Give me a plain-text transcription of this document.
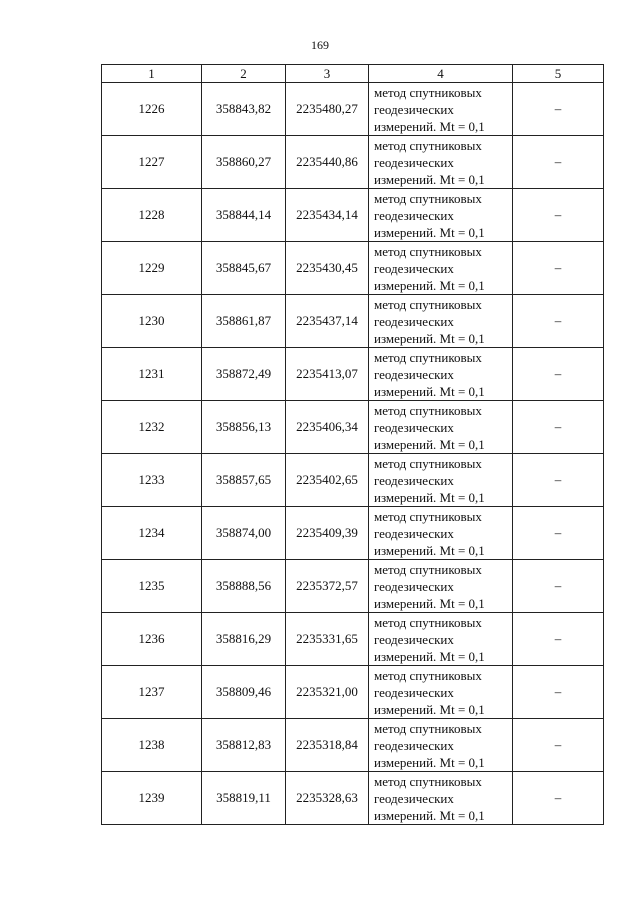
169
1	2	3	4	5
1226	358843,82	2235480,27	метод спутниковых
геодезических
измерений. Mt = 0,1	–
1227	358860,27	2235440,86	метод спутниковых
геодезических
измерений. Mt = 0,1	–
1228	358844,14	2235434,14	метод спутниковых
геодезических
измерений. Mt = 0,1	–
1229	358845,67	2235430,45	метод спутниковых
геодезических
измерений. Mt = 0,1	–
1230	358861,87	2235437,14	метод спутниковых
геодезических
измерений. Mt = 0,1	–
1231	358872,49	2235413,07	метод спутниковых
геодезических
измерений. Mt = 0,1	–
1232	358856,13	2235406,34	метод спутниковых
геодезических
измерений. Mt = 0,1	–
1233	358857,65	2235402,65	метод спутниковых
геодезических
измерений. Mt = 0,1	–
1234	358874,00	2235409,39	метод спутниковых
геодезических
измерений. Mt = 0,1	–
1235	358888,56	2235372,57	метод спутниковых
геодезических
измерений. Mt = 0,1	–
1236	358816,29	2235331,65	метод спутниковых
геодезических
измерений. Mt = 0,1	–
1237	358809,46	2235321,00	метод спутниковых
геодезических
измерений. Mt = 0,1	–
1238	358812,83	2235318,84	метод спутниковых
геодезических
измерений. Mt = 0,1	–
1239	358819,11	2235328,63	метод спутниковых
геодезических
измерений. Mt = 0,1	–
